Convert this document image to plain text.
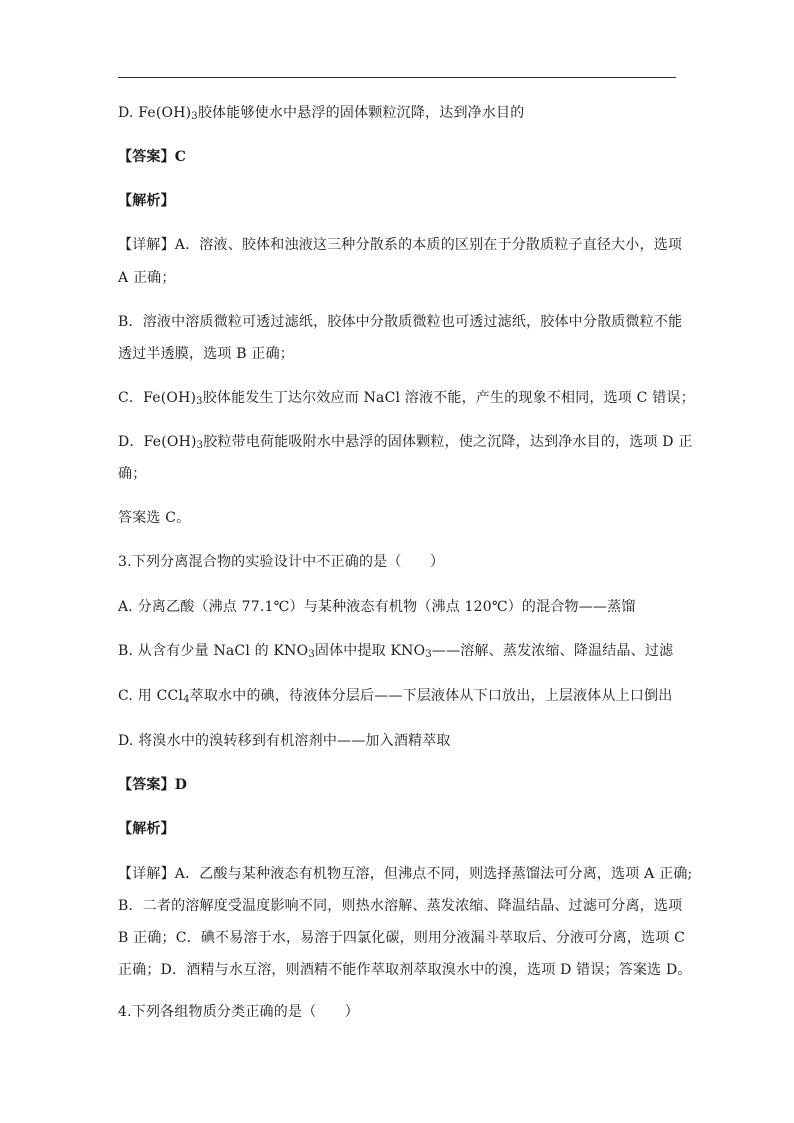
D. $Fe(OH)_3$胶体能够使水中悬浮的固体颗粒沉降，达到净水目的
【答案】C
【解析】
【详解】A．溶液、胶体和浊液这三种分散系的本质的区别在于分散质粒子直径大小，选项
A 正确；
B．溶液中溶质微粒可透过滤纸，胶体中分散质微粒也可透过滤纸，胶体中分散质微粒不能
透过半透膜，选项 B 正确；
C．$Fe(OH)_3$胶体能发生丁达尔效应而 NaCl 溶液不能，产生的现象不相同，选项 C 错误；
D．$Fe(OH)_3$胶粒带电荷能吸附水中悬浮的固体颗粒，使之沉降，达到净水目的，选项 D 正
确；
答案选 C。
3.下列分离混合物的实验设计中不正确的是（　　）
A. 分离乙酸（沸点 77.1℃）与某种液态有机物（沸点 120℃）的混合物——蒸馏
B. 从含有少量 NaCl 的 $KNO_3$固体中提取 $KNO_3——$溶解、蒸发浓缩、降温结晶、过滤
C. 用 CCl$_4$萃取水中的碘，待液体分层后——下层液体从下口放出，上层液体从上口倒出
D. 将溴水中的溴转移到有机溶剂中——加入酒精萃取
【答案】D
【解析】
【详解】A．乙酸与某种液态有机物互溶，但沸点不同，则选择蒸馏法可分离，选项 A 正确;
B．二者的溶解度受温度影响不同，则热水溶解、蒸发浓缩、降温结晶、过滤可分离，选项
B 正确；C．碘不易溶于水，易溶于四氯化碳，则用分液漏斗萃取后、分液可分离，选项 C
正确；D．酒精与水互溶，则酒精不能作萃取剂萃取溴水中的溴，选项 D 错误；答案选 D。
4.下列各组物质分类正确的是（　　）
